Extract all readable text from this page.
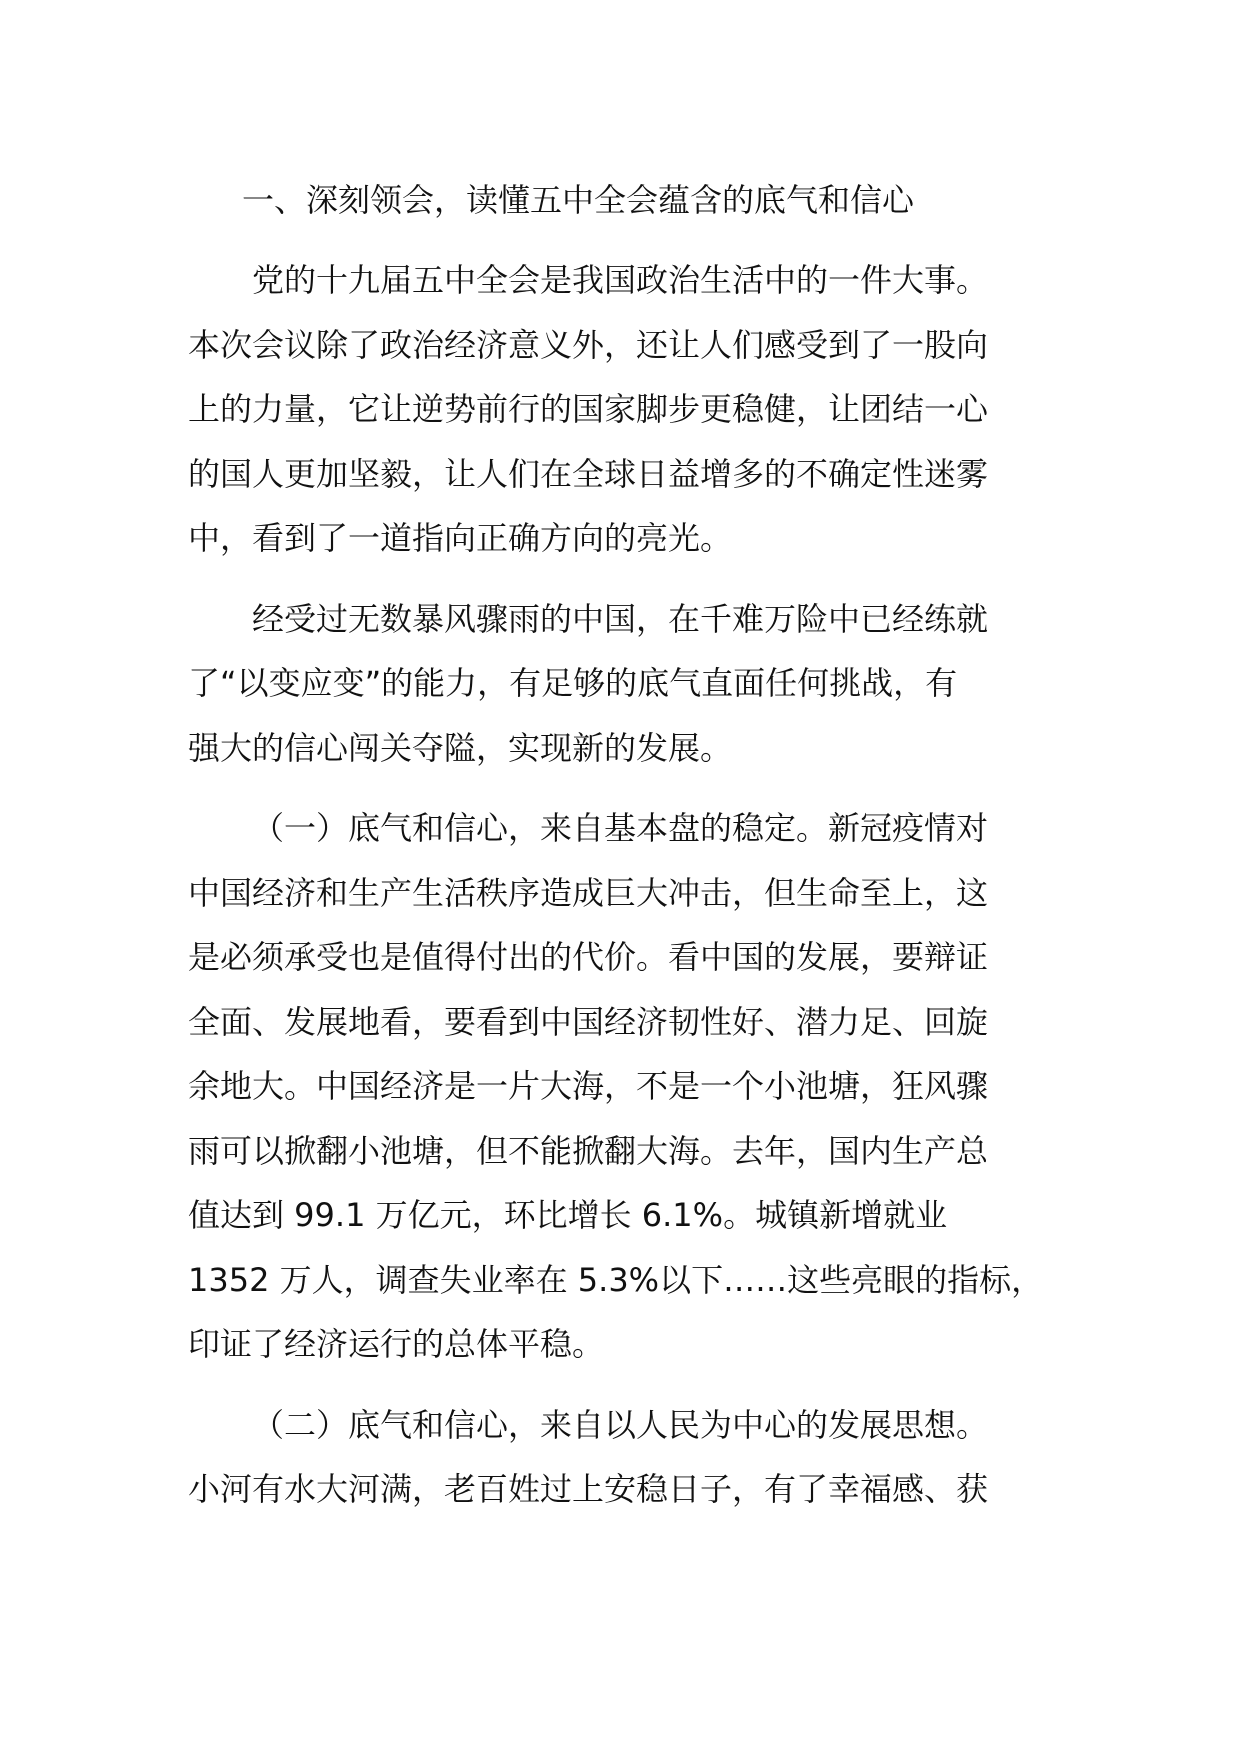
一、深刻领会，读懂五中全会蕴含的底气和信心

党的十九届五中全会是我国政治生活中的一件大事。
本次会议除了政治经济意义外，还让人们感受到了一股向
上的力量，它让逆势前行的国家脚步更稳健，让团结一心
的国人更加坚毅，让人们在全球日益增多的不确定性迷雾
中，看到了一道指向正确方向的亮光。

经受过无数暴风骤雨的中国，在千难万险中已经练就
了“以变应变”的能力，有足够的底气直面任何挑战，有
强大的信心闯关夺隘，实现新的发展。

（一）底气和信心，来自基本盘的稳定。新冠疫情对
中国经济和生产生活秩序造成巨大冲击，但生命至上，这
是必须承受也是值得付出的代价。看中国的发展，要辩证
全面、发展地看，要看到中国经济韧性好、潜力足、回旋
余地大。中国经济是一片大海，不是一个小池塘，狂风骤
雨可以掀翻小池塘，但不能掀翻大海。去年，国内生产总
值达到 99.1 万亿元，环比增长 6.1%。城镇新增就业
1352 万人，调查失业率在 5.3%以下……这些亮眼的指标，
印证了经济运行的总体平稳。

（二）底气和信心，来自以人民为中心的发展思想。
小河有水大河满，老百姓过上安稳日子，有了幸福感、获
